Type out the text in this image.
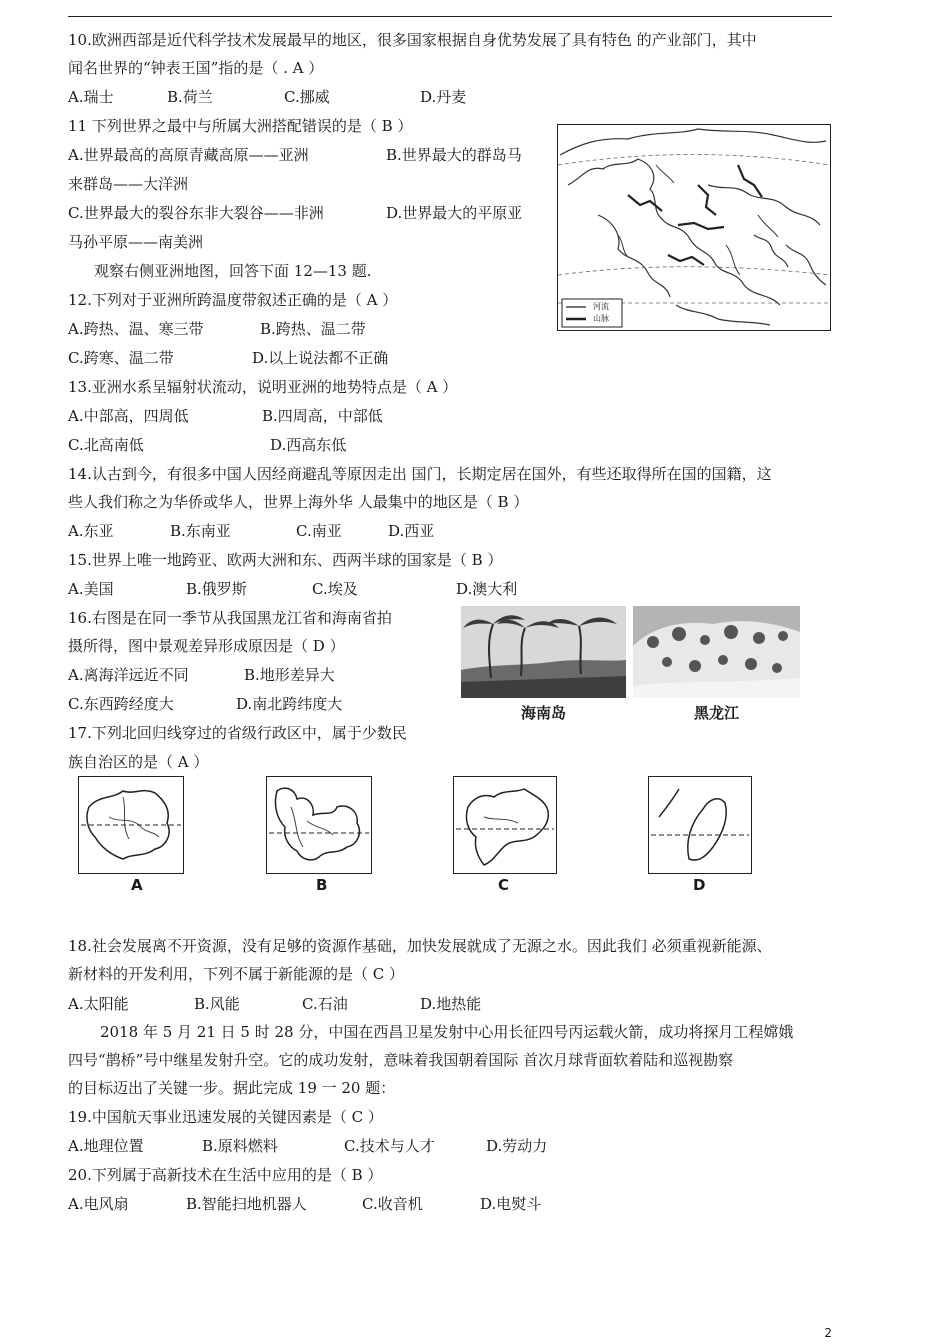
10.欧洲西部是近代科学技术发展最早的地区，很多国家根据自身优势发展了具有特色 的产业部门，其中
闻名世界的“钟表王国”指的是（ . A ）
A.瑞士	B.荷兰	C.挪威	D.丹麦
11 下列世界之最中与所属大洲搭配错误的是（ B ）
A.世界最高的高原青藏高原——亚洲	B.世界最大的群岛马
来群岛——大洋洲
C.世界最大的裂谷东非大裂谷——非洲	D.世界最大的平原亚
马孙平原——南美洲
河流
山脉
观察右侧亚洲地图，回答下面 12—13 题.
12.下列对于亚洲所跨温度带叙述正确的是（ A ）
A.跨热、温、寒三带	B.跨热、温二带
C.跨寒、温二带	D.以上说法都不正确
13.亚洲水系呈辐射状流动，说明亚洲的地势特点是（ A ）
A.中部高，四周低	B.四周高，中部低
C.北高南低	D.西高东低
14.认古到今，有很多中国人因经商避乱等原因走出 国门，长期定居在国外，有些还取得所在国的国籍，这
些人我们称之为华侨或华人，世界上海外华 人最集中的地区是（ B ）
A.东亚	B.东南亚	C.南亚	D.西亚
15.世界上唯一地跨亚、欧两大洲和东、西两半球的国家是（ B ）
A.美国	B.俄罗斯	C.埃及	D.澳大利
16.右图是在同一季节从我国黑龙江省和海南省拍
摄所得，图中景观差异形成原因是（ D ）
A.离海洋远近不同	B.地形差异大
C.东西跨经度大	D.南北跨纬度大	海南岛	黑龙江
17.下列北回归线穿过的省级行政区中，属于少数民
族自治区的是（ A ）
A	B	C	D
18.社会发展离不开资源，没有足够的资源作基础，加快发展就成了无源之水。因此我们 必须重视新能源、
新材料的开发利用，下列不属于新能源的是（ C ）
A.太阳能	B.风能	C.石油	D.地热能
2018 年 5 月 21 日 5 时 28 分，中国在西昌卫星发射中心用长征四号丙运载火箭，成功将探月工程嫦娥
四号“鹊桥”号中继星发射升空。它的成功发射，意味着我国朝着国际 首次月球背面软着陆和巡视勘察
的目标迈出了关键一步。据此完成 19 一 20 题：
19.中国航天事业迅速发展的关键因素是（ C ）
A.地理位置	B.原料燃料	C.技术与人才	D.劳动力
20.下列属于高新技术在生活中应用的是（ B ）
A.电风扇	B.智能扫地机器人	C.收音机	D.电熨斗
2
